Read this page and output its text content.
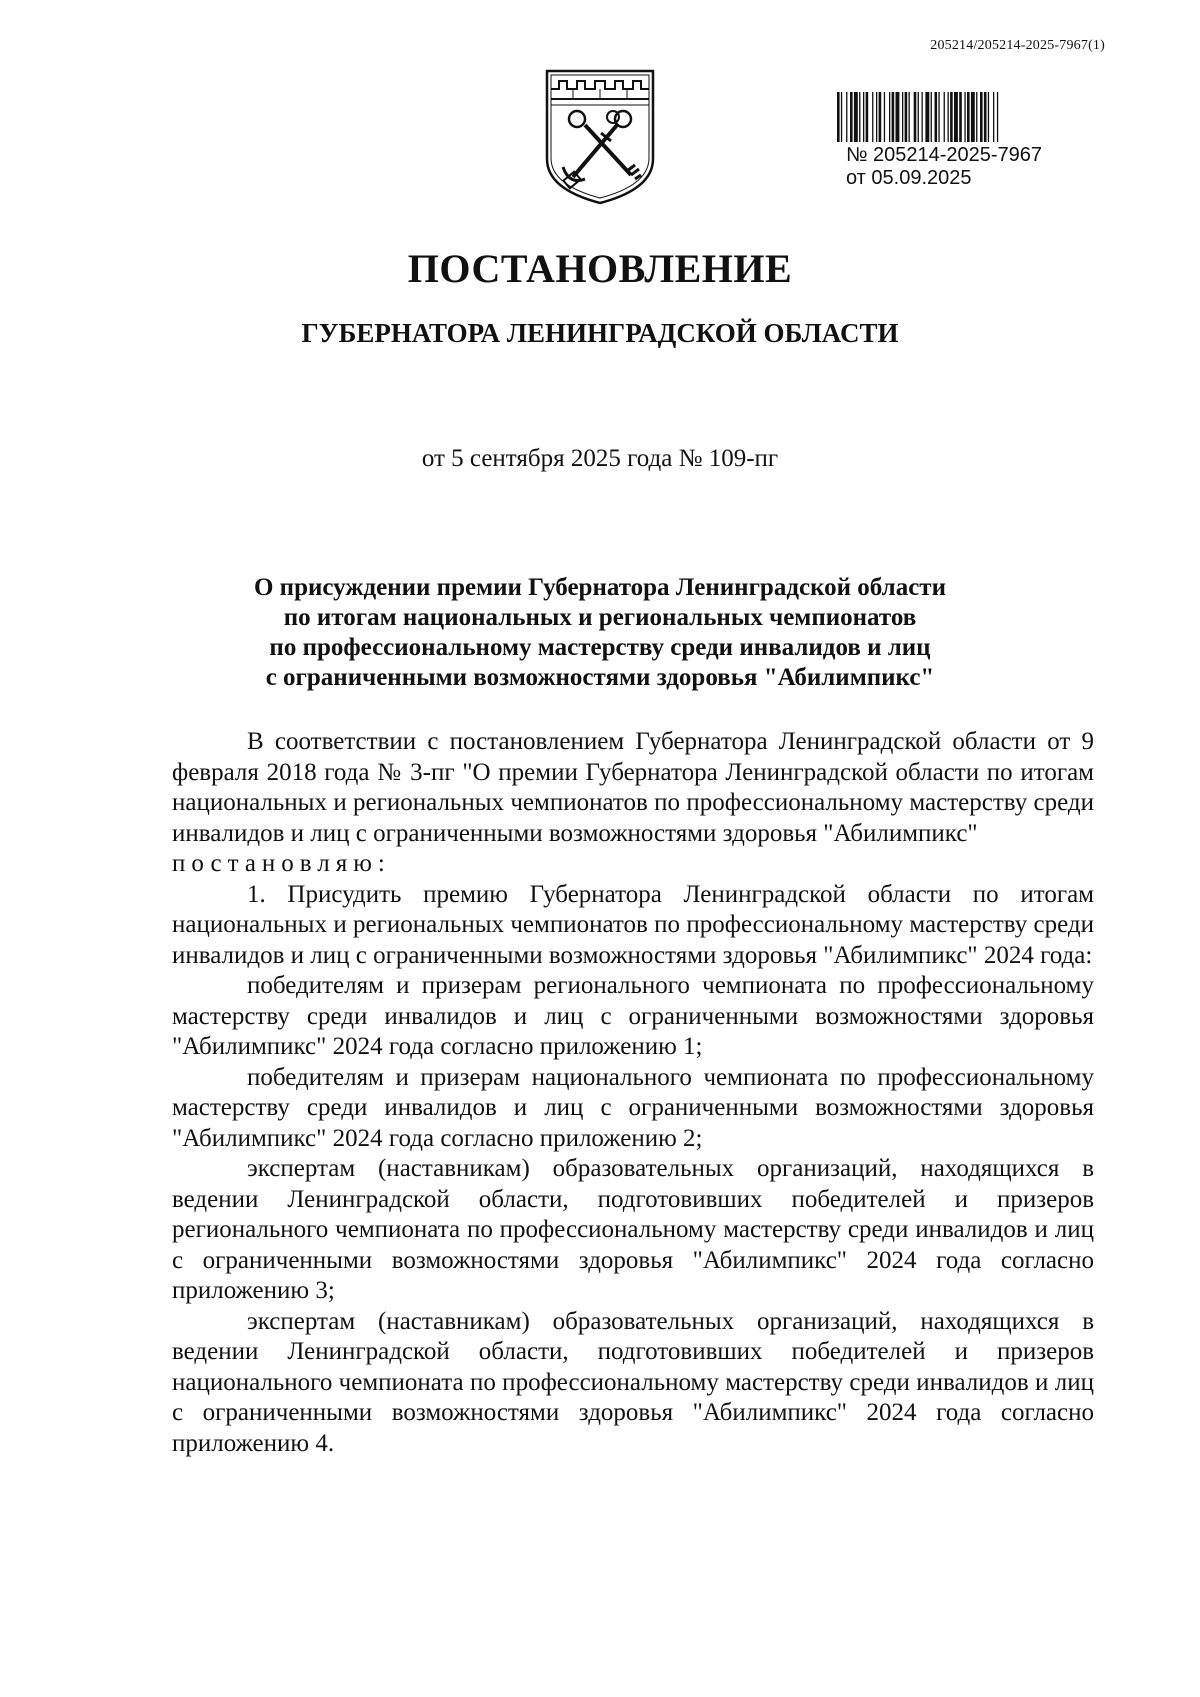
205214/205214-2025-7967(1)
№ 205214-2025-7967
от 05.09.2025
ПОСТАНОВЛЕНИЕ
ГУБЕРНАТОРА ЛЕНИНГРАДСКОЙ ОБЛАСТИ
от 5 сентября 2025 года № 109-пг
О присуждении премии Губернатора Ленинградской области
по итогам национальных и региональных чемпионатов
по профессиональному мастерству среди инвалидов и лиц
с ограниченными возможностями здоровья "Абилимпикс"

В соответствии с постановлением Губернатора Ленинградской области от 9 февраля 2018 года № 3-пг "О премии Губернатора Ленинградской области по итогам национальных и региональных чемпионатов по профессиональному мастерству среди инвалидов и лиц с ограниченными возможностями здоровья "Абилимпикс"

постановляю:

1. Присудить премию Губернатора Ленинградской области по итогам национальных и региональных чемпионатов по профессиональному мастерству среди инвалидов и лиц с ограниченными возможностями здоровья "Абилимпикс" 2024 года:

победителям и призерам регионального чемпионата по профессиональному мастерству среди инвалидов и лиц с ограниченными возможностями здоровья "Абилимпикс" 2024 года согласно приложению 1;

победителям и призерам национального чемпионата по профессиональному мастерству среди инвалидов и лиц с ограниченными возможностями здоровья "Абилимпикс" 2024 года согласно приложению 2;

экспертам (наставникам) образовательных организаций, находящихся в ведении Ленинградской области, подготовивших победителей и призеров регионального чемпионата по профессиональному мастерству среди инвалидов и лиц с ограниченными возможностями здоровья "Абилимпикс" 2024 года согласно приложению 3;

экспертам (наставникам) образовательных организаций, находящихся в ведении Ленинградской области, подготовивших победителей и призеров национального чемпионата по профессиональному мастерству среди инвалидов и лиц с ограниченными возможностями здоровья "Абилимпикс" 2024 года согласно приложению 4.
